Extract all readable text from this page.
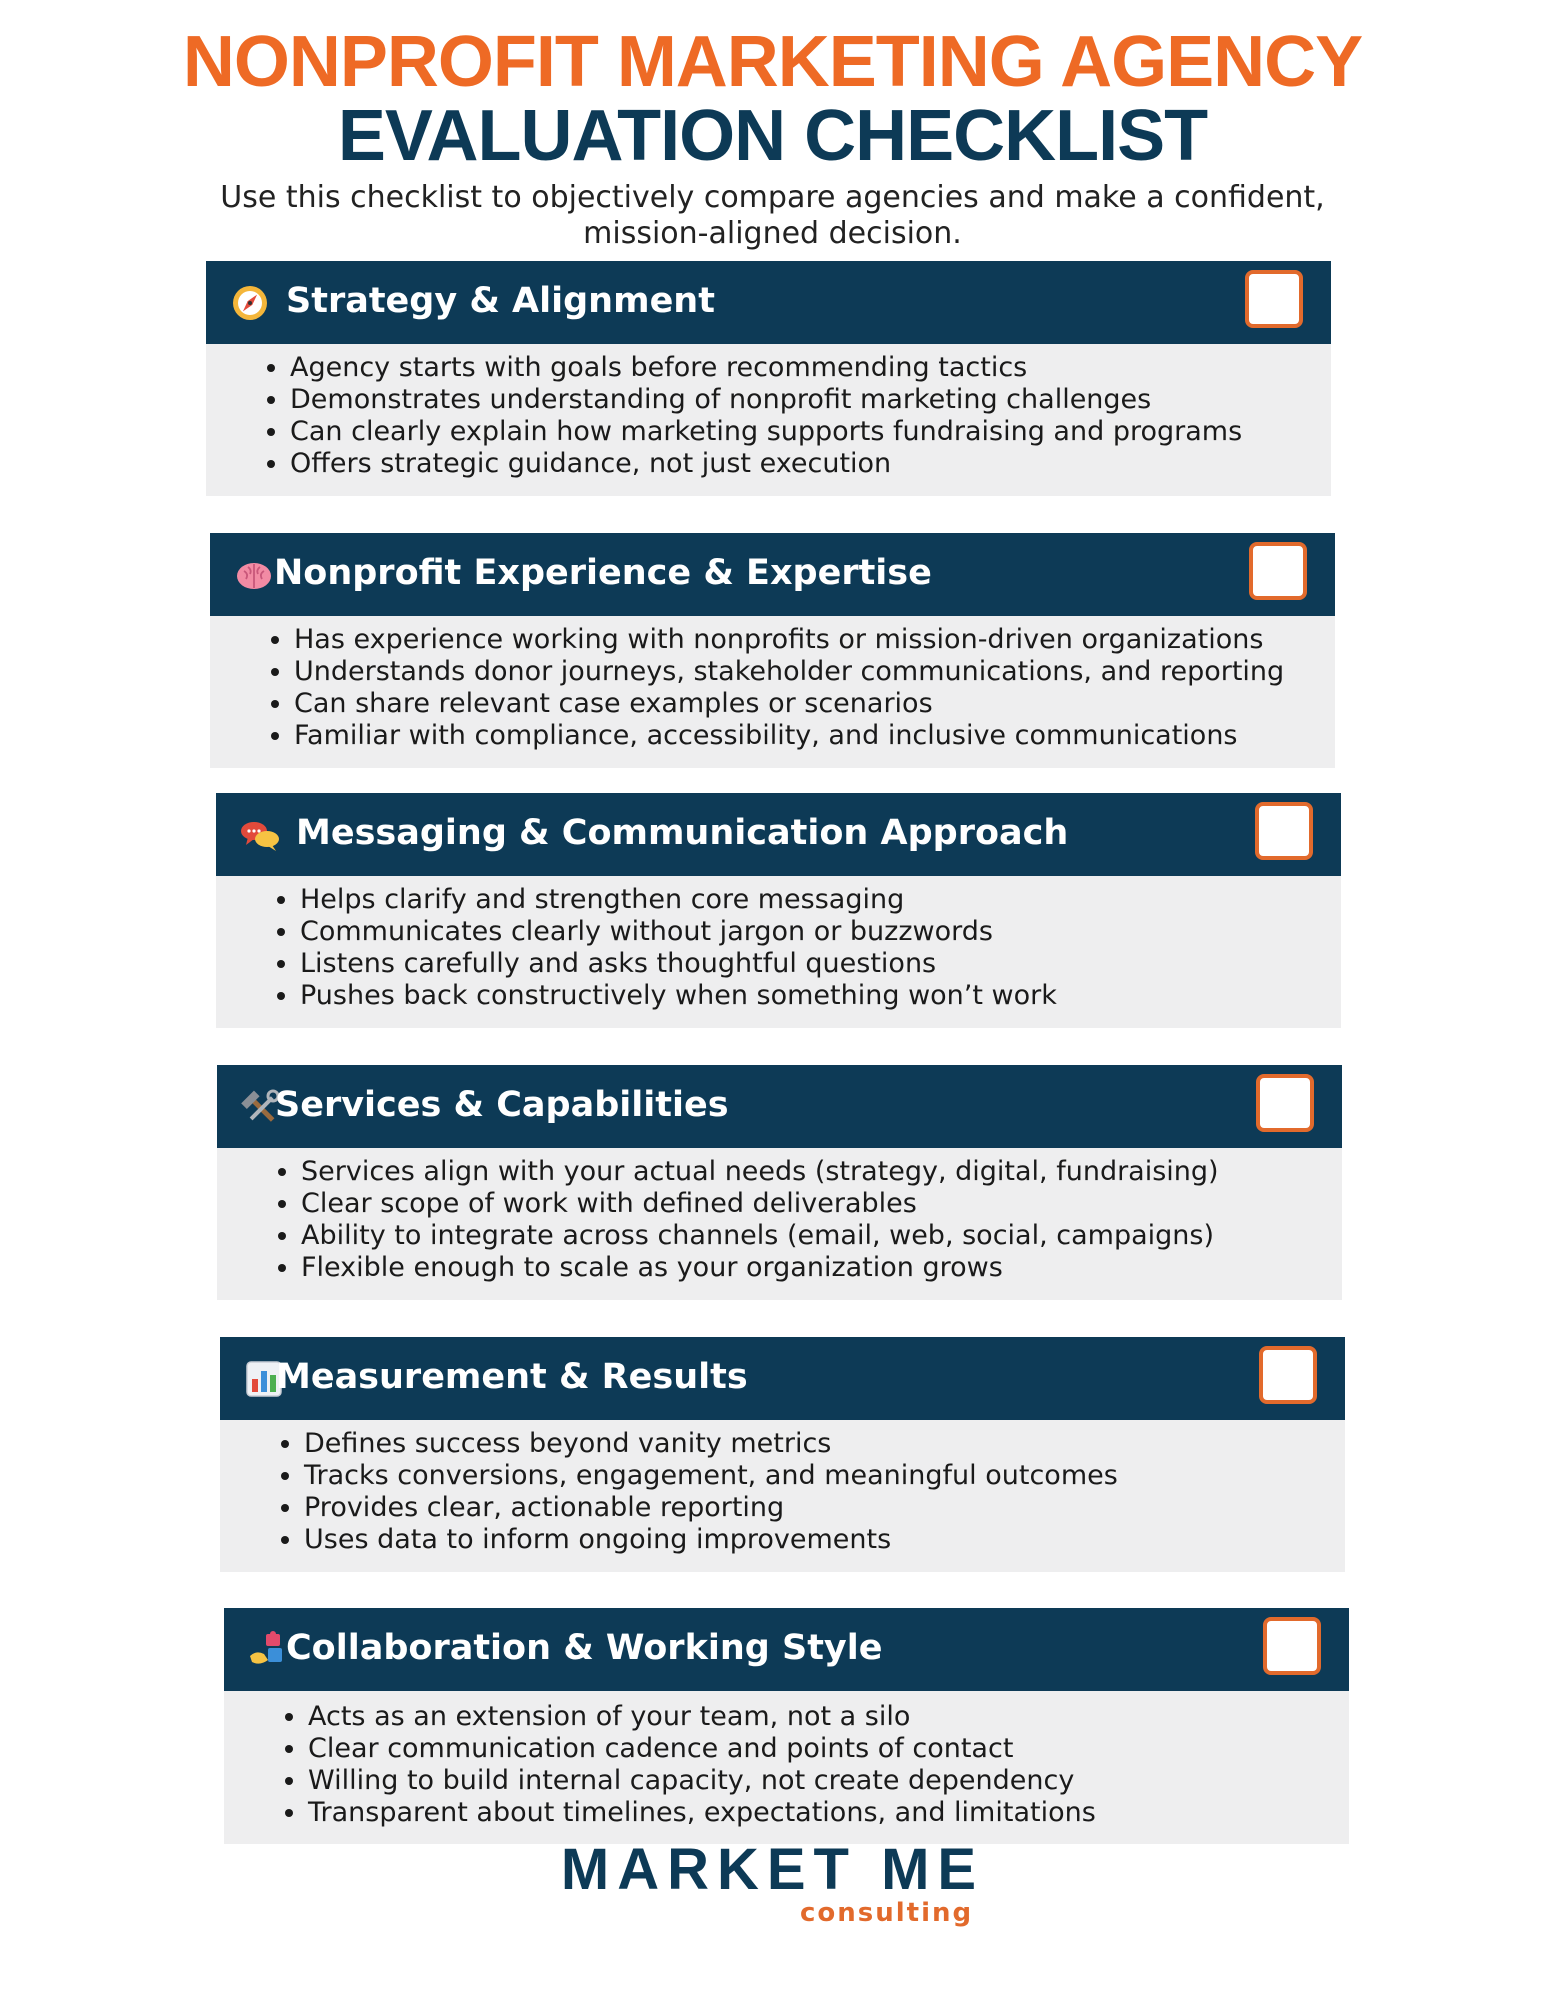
NONPROFIT MARKETING AGENCY
EVALUATION CHECKLIST
Use this checklist to objectively compare agencies and make a confident,
mission-aligned decision.
Strategy & Alignment
• Agency starts with goals before recommending tactics
• Demonstrates understanding of nonprofit marketing challenges
• Can clearly explain how marketing supports fundraising and programs
• Offers strategic guidance, not just execution
Nonprofit Experience & Expertise
• Has experience working with nonprofits or mission-driven organizations
• Understands donor journeys, stakeholder communications, and reporting
• Can share relevant case examples or scenarios
• Familiar with compliance, accessibility, and inclusive communications
Messaging & Communication Approach
• Helps clarify and strengthen core messaging
• Communicates clearly without jargon or buzzwords
• Listens carefully and asks thoughtful questions
• Pushes back constructively when something won’t work
Services & Capabilities
• Services align with your actual needs (strategy, digital, fundraising)
• Clear scope of work with defined deliverables
• Ability to integrate across channels (email, web, social, campaigns)
• Flexible enough to scale as your organization grows
Measurement & Results
• Defines success beyond vanity metrics
• Tracks conversions, engagement, and meaningful outcomes
• Provides clear, actionable reporting
• Uses data to inform ongoing improvements
Collaboration & Working Style
• Acts as an extension of your team, not a silo
• Clear communication cadence and points of contact
• Willing to build internal capacity, not create dependency
• Transparent about timelines, expectations, and limitations
MARKET ME
consulting
